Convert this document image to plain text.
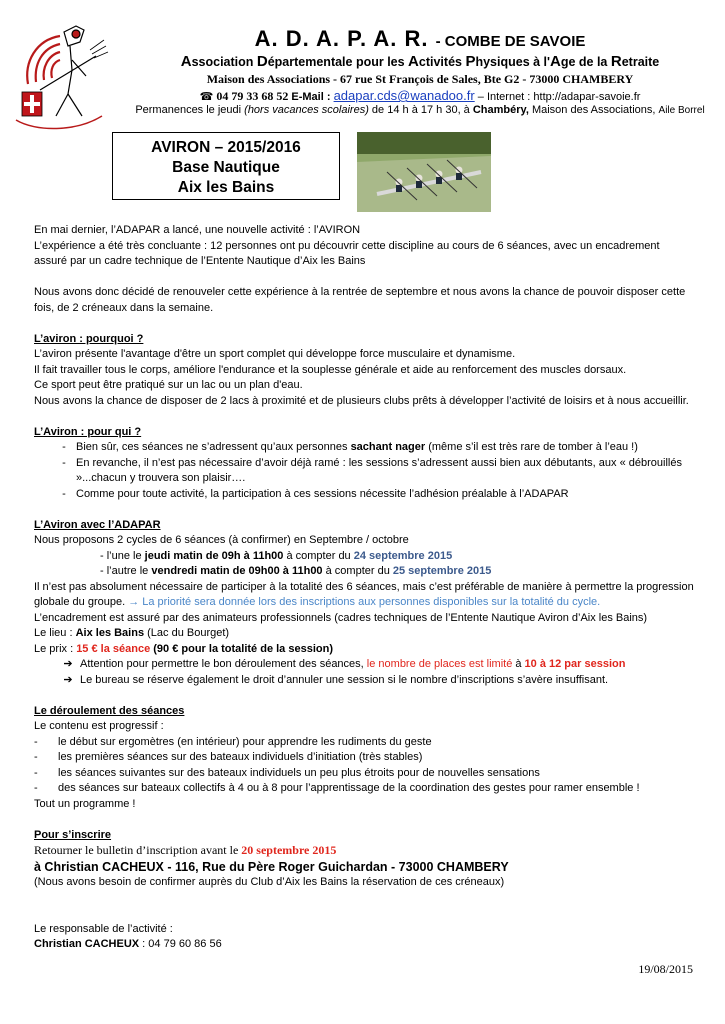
A. D. A. P. A. R. - COMBE DE SAVOIE
Association Départementale pour les Activités Physiques à l'Age de la Retraite
Maison des Associations - 67 rue St François de Sales, Bte G2 - 73000 CHAMBERY
☎ 04 79 33 68 52 E-Mail : adapar.cds@wanadoo.fr – Internet : http://adapar-savoie.fr
Permanences le jeudi (hors vacances scolaires) de 14 h à 17 h 30, à Chambéry, Maison des Associations, Aile Borrel
AVIRON – 2015/2016
Base Nautique
Aix les Bains

En mai dernier, l’ADAPAR a lancé, une nouvelle activité : l’AVIRON

L’expérience a été très concluante : 12 personnes ont pu découvrir cette discipline au cours de 6 séances, avec un encadrement assuré par un cadre technique de l’Entente Nautique d’Aix les Bains

Nous avons donc décidé de renouveler cette expérience à la rentrée de septembre et nous avons la chance de pouvoir disposer cette fois, de 2 créneaux dans la semaine.

L’aviron : pourquoi ?

L’aviron présente l'avantage d'être un sport complet qui développe force musculaire et dynamisme.

Il fait travailler tous le corps, améliore l'endurance et la souplesse générale et aide au renforcement des muscles dorsaux.

Ce sport peut être pratiqué sur un lac ou un plan d'eau.

Nous avons la chance de disposer de 2 lacs à proximité et de plusieurs clubs prêts à développer l’activité de loisirs et à nous accueillir.

L’Aviron : pour qui ?

- Bien sûr, ces séances ne s’adressent qu’aux personnes sachant nager (même s’il est très rare de tomber à l’eau !)
- En revanche, il n’est pas nécessaire d’avoir déjà ramé : les sessions s’adressent aussi bien aux débutants, aux « débrouillés »...chacun y trouvera son plaisir….
- Comme pour toute activité, la participation à ces sessions nécessite l’adhésion préalable à l’ADAPAR

L’Aviron avec l’ADAPAR

Nous proposons 2 cycles de 6 séances (à confirmer) en Septembre / octobre

- l’une le jeudi matin de 09h à 11h00 à compter du 24 septembre 2015

- l’autre le vendredi matin de 09h00 à 11h00 à compter du 25 septembre 2015

Il n’est pas absolument nécessaire de participer à la totalité des 6 séances, mais c’est préférable de manière à permettre la progression globale du groupe. → La priorité sera donnée lors des inscriptions aux personnes disponibles sur la totalité du cycle.

L’encadrement est assuré par des animateurs professionnels (cadres techniques de l’Entente Nautique Aviron d’Aix les Bains)

Le lieu : Aix les Bains (Lac du Bourget)

Le prix : 15 € la séance (90 € pour la totalité de la session)

➔ Attention pour permettre le bon déroulement des séances, le nombre de places est limité à 10 à 12 par session
➔ Le bureau se réserve également le droit d’annuler une session si le nombre d’inscriptions s’avère insuffisant.

Le déroulement des séances

Le contenu est progressif :

-	le début sur ergomètres (en intérieur) pour apprendre les rudiments du geste
-	les premières séances sur des bateaux individuels d’initiation (très stables)
-	les séances suivantes sur des bateaux individuels un peu plus étroits pour de nouvelles sensations
-	des séances sur bateaux collectifs à 4 ou à 8 pour l’apprentissage de la coordination des gestes pour ramer ensemble !

Tout un programme !

Pour s’inscrire

Retourner le bulletin d’inscription avant le 20 septembre 2015

à Christian CACHEUX - 116, Rue du Père Roger Guichardan - 73000 CHAMBERY

(Nous avons besoin de confirmer auprès du Club d’Aix les Bains la réservation de ces créneaux)

Le responsable de l’activité :

Christian CACHEUX : 04 79 60 86 56

19/08/2015
